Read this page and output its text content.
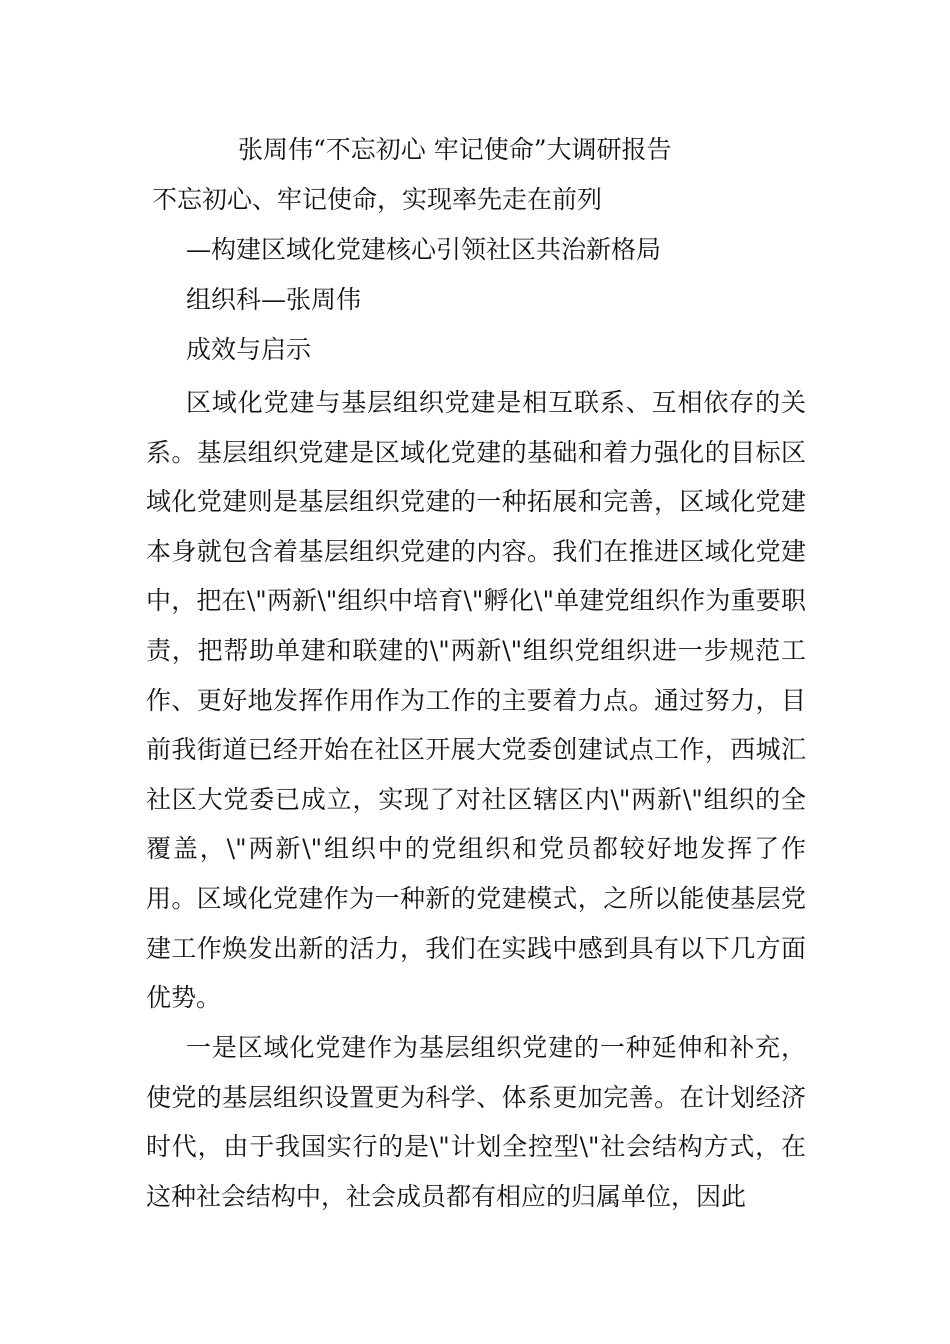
张周伟“不忘初心 牢记使命”大调研报告
不忘初心、牢记使命，实现率先走在前列
—构建区域化党建核心引领社区共治新格局
组织科—张周伟
成效与启示

区域化党建与基层组织党建是相互联系、互相依存的关系。基层组织党建是区域化党建的基础和着力强化的目标区域化党建则是基层组织党建的一种拓展和完善，区域化党建本身就包含着基层组织党建的内容。我们在推进区域化党建中，把在\"两新\"组织中培育\"孵化\"单建党组织作为重要职责，把帮助单建和联建的\"两新\"组织党组织进一步规范工作、更好地发挥作用作为工作的主要着力点。通过努力，目前我街道已经开始在社区开展大党委创建试点工作，西城汇社区大党委已成立，实现了对社区辖区内\"两新\"组织的全覆盖，\"两新\"组织中的党组织和党员都较好地发挥了作用。区域化党建作为一种新的党建模式，之所以能使基层党建工作焕发出新的活力，我们在实践中感到具有以下几方面优势。

一是区域化党建作为基层组织党建的一种延伸和补充，使党的基层组织设置更为科学、体系更加完善。在计划经济时代，由于我国实行的是\"计划全控型\"社会结构方式，在这种社会结构中，社会成员都有相应的归属单位，因此
